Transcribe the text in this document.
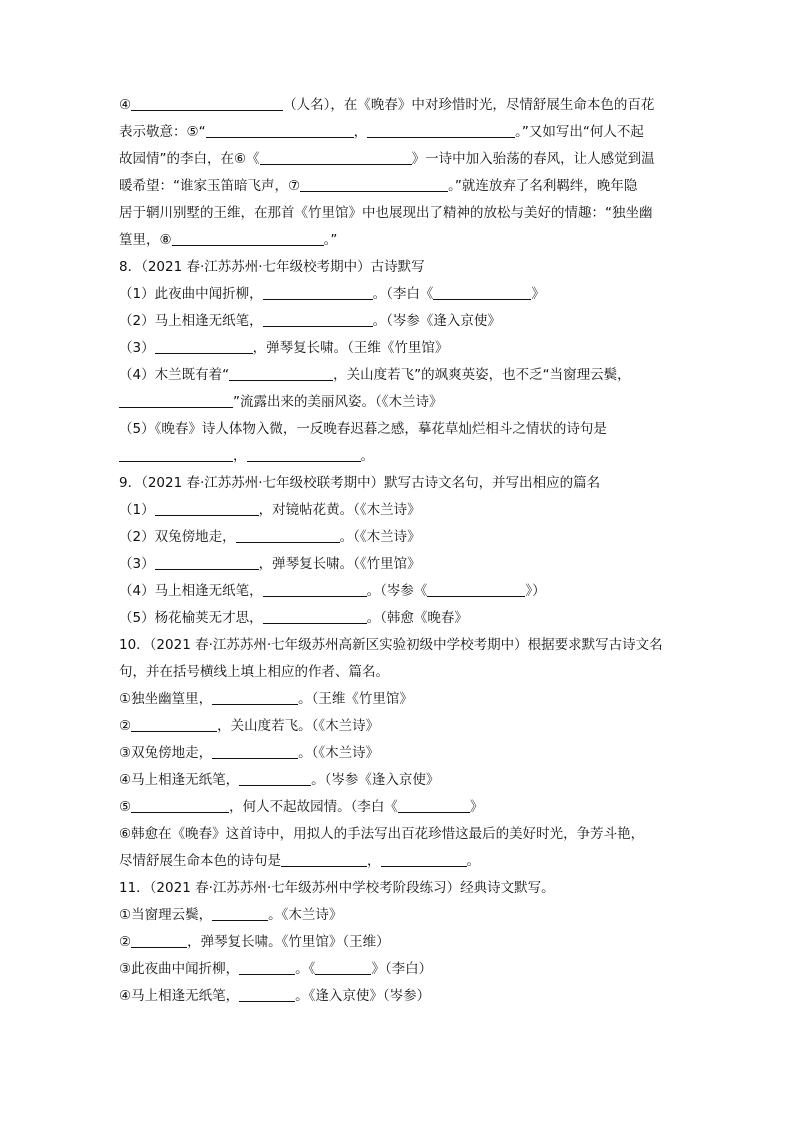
④	（人名），在《晚春》中对珍惜时光，尽情舒展生命本色的百花
表示敬意：⑤“	，	。”又如写出“何人不起
故园情”的李白，在⑥《	》一诗中加入骀荡的春风，让人感觉到温
暖希望：“谁家玉笛暗飞声，⑦	。”就连放弃了名利羁绊，晚年隐
居于辋川别墅的王维，在那首《竹里馆》中也展现出了精神的放松与美好的情趣：“独坐幽
篁里，⑧	。”
8．（2021 春·江苏苏州·七年级校考期中）古诗默写
（1）此夜曲中闻折柳，	。（李白《	》
（2）马上相逢无纸笔，	。（岑参《逢入京使》
（3）	，弹琴复长啸。（王维《竹里馆》
（4）木兰既有着“	，关山度若飞”的飒爽英姿，也不乏“当窗理云鬓，
”流露出来的美丽风姿。（《木兰诗》
（5）《晚春》诗人体物入微，一反晚春迟暮之感，摹花草灿烂相斗之情状的诗句是
，	。
9．（2021 春·江苏苏州·七年级校联考期中）默写古诗文名句，并写出相应的篇名
（1）	，对镜帖花黄。（《木兰诗》
（2）双兔傍地走，	。（《木兰诗》
（3）	，弹琴复长啸。（《竹里馆》
（4）马上相逢无纸笔，	。（岑参《	》）
（5）杨花榆荚无才思，	。（韩愈《晚春》
10．（2021 春·江苏苏州·七年级苏州高新区实验初级中学校考期中）根据要求默写古诗文名
句，并在括号横线上填上相应的作者、篇名。
①独坐幽篁里，	。（王维《竹里馆》
②	，关山度若飞。（《木兰诗》
③双兔傍地走，	。（《木兰诗》
④马上相逢无纸笔，	。（岑参《逢入京使》
⑤	，何人不起故园情。（李白《	》
⑥韩愈在《晚春》这首诗中，用拟人的手法写出百花珍惜这最后的美好时光，争芳斗艳，
尽情舒展生命本色的诗句是	，	。
11．（2021 春·江苏苏州·七年级苏州中学校考阶段练习）经典诗文默写。
①当窗理云鬓，	。《木兰诗》
②	，弹琴复长啸。《竹里馆》（王维）
③此夜曲中闻折柳，	。《	》（李白）
④马上相逢无纸笔，	。《逢入京使》（岑参）
